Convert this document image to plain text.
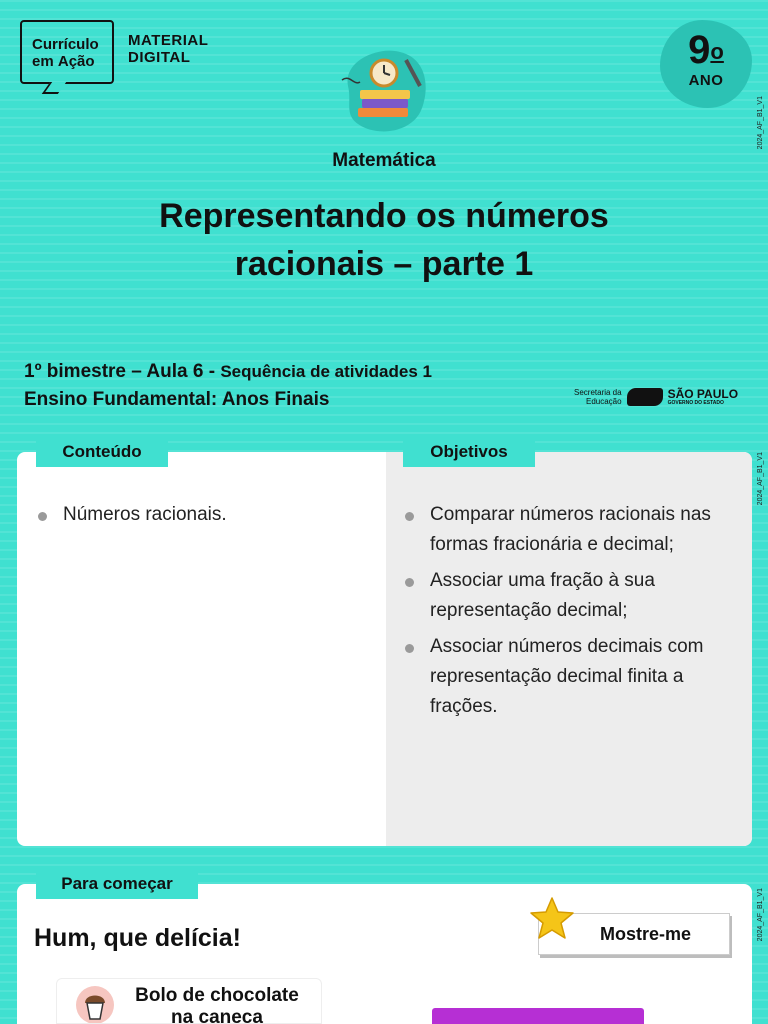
Currículo
em Ação
MATERIAL
DIGITAL	9$^o$
ANO
2024_AF_B1_V1
2024_AF_B1_V1
2024_AF_B1_V1
Matemática
Representando os números
racionais – parte 1
1º bimestre – Aula 6 - Sequência de atividades 1
Ensino Fundamental: Anos Finais	Secretaria da
Educação
SÃO PAULO
GOVERNO DO ESTADO
Conteúdo	Objetivos
Números racionais.	Comparar números racionais nas formas fracionária e decimal;
Associar uma fração à sua representação decimal;
Associar números decimais com representação decimal finita a frações.
Para começar
Hum, que delícia!	Mostre-me
Bolo de chocolate
na caneca
